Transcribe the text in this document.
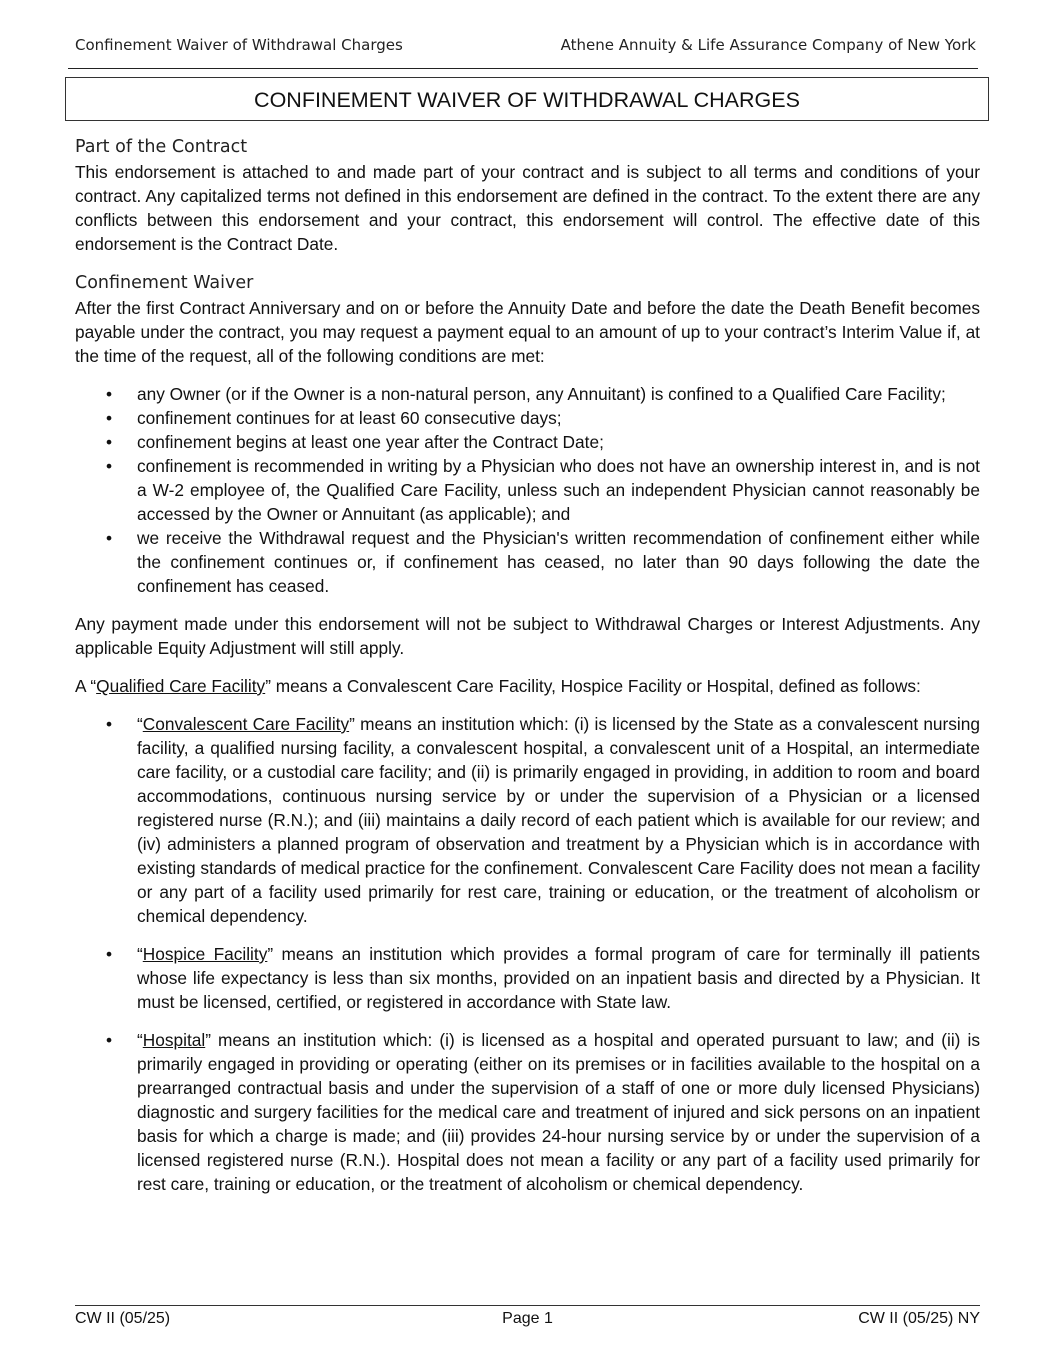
Confinement Waiver of Withdrawal Charges	Athene Annuity & Life Assurance Company of New York
CONFINEMENT WAIVER OF WITHDRAWAL CHARGES
Part of the Contract

This endorsement is attached to and made part of your contract and is subject to all terms and conditions of your contract. Any capitalized terms not defined in this endorsement are defined in the contract. To the extent there are any conflicts between this endorsement and your contract, this endorsement will control. The effective date of this endorsement is the Contract Date.

Confinement Waiver

After the first Contract Anniversary and on or before the Annuity Date and before the date the Death Benefit becomes payable under the contract, you may request a payment equal to an amount of up to your contract’s Interim Value if, at the time of the request, all of the following conditions are met:

• any Owner (or if the Owner is a non-natural person, any Annuitant) is confined to a Qualified Care Facility;
• confinement continues for at least 60 consecutive days;
• confinement begins at least one year after the Contract Date;
• confinement is recommended in writing by a Physician who does not have an ownership interest in, and is not a W-2 employee of, the Qualified Care Facility, unless such an independent Physician cannot reasonably be accessed by the Owner or Annuitant (as applicable); and
• we receive the Withdrawal request and the Physician's written recommendation of confinement either while the confinement continues or, if confinement has ceased, no later than 90 days following the date the confinement has ceased.

Any payment made under this endorsement will not be subject to Withdrawal Charges or Interest Adjustments. Any applicable Equity Adjustment will still apply.

A “Qualified Care Facility” means a Convalescent Care Facility, Hospice Facility or Hospital, defined as follows:

• “Convalescent Care Facility” means an institution which: (i) is licensed by the State as a convalescent nursing facility, a qualified nursing facility, a convalescent hospital, a convalescent unit of a Hospital, an intermediate care facility, or a custodial care facility; and (ii) is primarily engaged in providing, in addition to room and board accommodations, continuous nursing service by or under the supervision of a Physician or a licensed registered nurse (R.N.); and (iii) maintains a daily record of each patient which is available for our review; and (iv) administers a planned program of observation and treatment by a Physician which is in accordance with existing standards of medical practice for the confinement. Convalescent Care Facility does not mean a facility or any part of a facility used primarily for rest care, training or education, or the treatment of alcoholism or chemical dependency.
• “Hospice Facility” means an institution which provides a formal program of care for terminally ill patients whose life expectancy is less than six months, provided on an inpatient basis and directed by a Physician. It must be licensed, certified, or registered in accordance with State law.
• “Hospital” means an institution which: (i) is licensed as a hospital and operated pursuant to law; and (ii) is primarily engaged in providing or operating (either on its premises or in facilities available to the hospital on a prearranged contractual basis and under the supervision of a staff of one or more duly licensed Physicians) diagnostic and surgery facilities for the medical care and treatment of injured and sick persons on an inpatient basis for which a charge is made; and (iii) provides 24-hour nursing service by or under the supervision of a licensed registered nurse (R.N.). Hospital does not mean a facility or any part of a facility used primarily for rest care, training or education, or the treatment of alcoholism or chemical dependency.
CW II (05/25)	Page 1	CW II (05/25) NY
